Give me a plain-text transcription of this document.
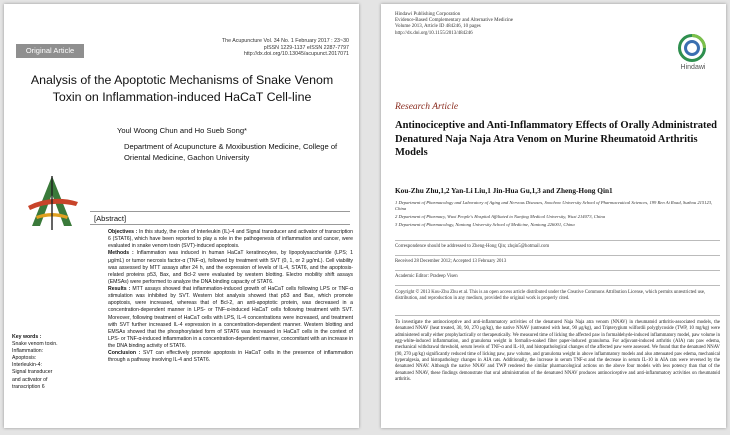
Original Article
The Acupuncture Vol. 34 No. 1 February 2017 : 23~30
pISSN 1229-1137 eISSN 2287-7797
http://dx.doi.org/10.13045/acupunct.2017071
Analysis of the Apoptotic Mechanisms of Snake Venom Toxin on Inflammation-induced HaCaT Cell-line
Youl Woong Chun and Ho Sueb Song*
Department of Acupuncture & Moxibustion Medicine, College of Oriental Medicine, Gachon University
[Abstract]

Objectives : In this study, the roles of Interleukin (IL)-4 and Signal transducer and activator of transcription 6 (STAT6), which have been reported to play a role in the pathogenesis of inflammation and cancer, were evaluated in snake venom toxin (SVT)-induced apoptosis.

Methods : Inflammation was induced in human HaCaT keratinocytes, by lipopolysaccharide (LPS; 1 μg/mL) or tumor necrosis factor-α (TNF-α), followed by treatment with SVT (0, 1, or 2 μg/mL). Cell viability was assessed by MTT assays after 24 h, and the expression of levels of IL-4, STAT6, and the apoptosis-related proteins p53, Bax, and Bcl-2 were evaluated by western blotting. Electro mobility shift assays (EMSAs) were performed to analyze the DNA binding capacity of STAT6.

Results : MTT assays showed that inflammation-induced growth of HaCaT cells following LPS or TNF-α stimulation was inhibited by SVT. Western blot analysis showed that p53 and Bax, which promote apoptosis, were increased, whereas that of Bcl-2, an anti-apoptotic protein, was decreased in a concentration-dependent manner in LPS- or TNF-α-induced HaCaT cells following treatment with SVT. Moreover, following treatment of HaCaT cells with LPS, IL-4 concentrations were increased, and treatment with SVT further increased IL-4 expression in a concentration-dependent manner. Western blotting and EMSAs showed that the phosphorylated form of STAT6 was increased in HaCaT cells in the context of LPS- or TNF-α-induced inflammation in a concentration-dependent manner, concomitant with an increase in the DNA binding activity of STAT6.

Conclusion : SVT can effectively promote apoptosis in HaCaT cells in the presence of inflammation through a pathway involving IL-4 and STAT6.

Key words :
Snake venom toxin.
Inflammation:
Apoptosis:
Interleukin-4:
Signal transducer and activator of transcription 6
Hindawi Publishing Corporation
Evidence-Based Complementary and Alternative Medicine
Volume 2013, Article ID 484246, 10 pages
http://dx.doi.org/10.1155/2013/484246
Hindawi
Research Article
Antinociceptive and Anti-Inflammatory Effects of Orally Administrated Denatured Naja Naja Atra Venom on Murine Rheumatoid Arthritis Models
Kou-Zhu Zhu,1,2 Yan-Li Liu,1 Jin-Hua Gu,1,3 and Zheng-Hong Qin1
1 Department of Pharmacology and Laboratory of Aging and Nervous Diseases, Soochow University School of Pharmaceutical Sciences, 199 Ren Ai Road, Suzhou 215123, China
2 Department of Pharmacy, Wuxi People's Hospital Affiliated to Nanjing Medical University, Wuxi 214073, China
3 Department of Pharmacology, Nantong University School of Medicine, Nantong 226001, China
Correspondence should be addressed to Zheng-Hong Qin; zhqin5@hotmail.com
Received 28 December 2012; Accepted 13 February 2013
Academic Editor: Pradeep Visen
Copyright © 2013 Kou-Zhu Zhu et al. This is an open access article distributed under the Creative Commons Attribution License, which permits unrestricted use, distribution, and reproduction in any medium, provided the original work is properly cited.
To investigate the antinociceptive and anti-inflammatory activities of the denatured Naja Naja atra venom (NNAV) in rheumatoid arthritis-associated models, the denatured NNAV (heat treated, 30, 90, 270 μg/kg), the native NNAV (untreated with heat, 90 μg/kg), and Tripterygium wilfordii polyglycoside (TWP, 10 mg/kg) were administered orally either prophylactically or therapeutically. We measured time of licking the affected paw in formaldehyde-induced inflammatory model, paw volume in egg-white-induced inflammation, and granuloma weight in formalin-soaked filter paper-induced granuloma. For adjuvant-induced arthritis (AIA) rats paw edema, mechanical withdrawal threshold, serum levels of TNF-α and IL-10, and histopathological changes of the affected paw were assessed. We found that the denatured NNAV (90, 270 μg/kg) significantly reduced time of licking paw, paw volume, and granuloma weight in above inflammatory models and also attenuated paw edema, mechanical hyperalgesia, and histopathology changes in AIA rats. Additionally, the increase in serum TNF-α and the decrease in serum IL-10 in AIA rats were reversed by the denatured NNAV. Although the native NNAV and TWP rendered the similar pharmacological actions on the above four models with less potency than that of the denatured NNAV, these findings demonstrate that oral administration of the denatured NNAV produces antinociceptive and anti-inflammatory activities on rheumatoid arthritis.
